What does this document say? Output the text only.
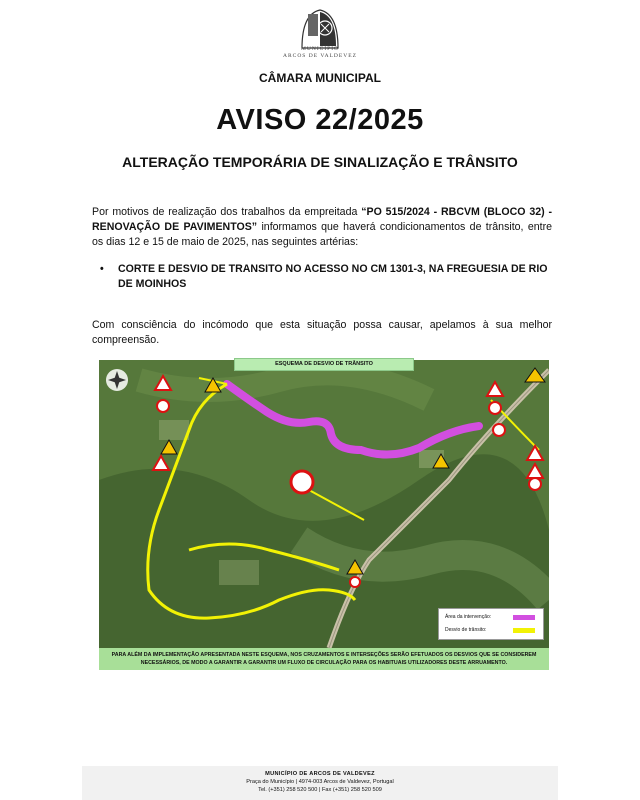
MUNICÍPIO
ARCOS DE VALDEVEZ
CÂMARA MUNICIPAL
AVISO 22/2025
ALTERAÇÃO TEMPORÁRIA DE SINALIZAÇÃO E TRÂNSITO
Por motivos de realização dos trabalhos da empreitada “PO 515/2024 - RBCVM (BLOCO 32) - RENOVAÇÃO DE PAVIMENTOS” informamos que haverá condicionamentos de trânsito, entre os dias 12 e 15 de maio de 2025, nas seguintes artérias:
• CORTE E DESVIO DE TRANSITO NO ACESSO NO CM 1301-3, NA FREGUESIA DE RIO DE MOINHOS
Com consciência do incómodo que esta situação possa causar, apelamos à sua melhor compreensão.
ESQUEMA DE DESVIO DE TRÂNSITO
Área da intervenção:
Desvio de trânsito:
PARA ALÉM DA IMPLEMENTAÇÃO APRESENTADA NESTE ESQUEMA, NOS CRUZAMENTOS E INTERSEÇÕES SERÃO EFETUADOS OS DESVIOS QUE SE CONSIDEREM NECESSÁRIOS, DE MODO A GARANTIR A GARANTIR UM FLUXO DE CIRCULAÇÃO PARA OS HABITUAIS UTILIZADORES DESTE ARRUAMENTO.
MUNICÍPIO DE ARCOS DE VALDEVEZ
Praça do Município | 4974-003 Arcos de Valdevez, Portugal
Tel. (+351) 258 520 500 | Fax (+351) 258 520 509
